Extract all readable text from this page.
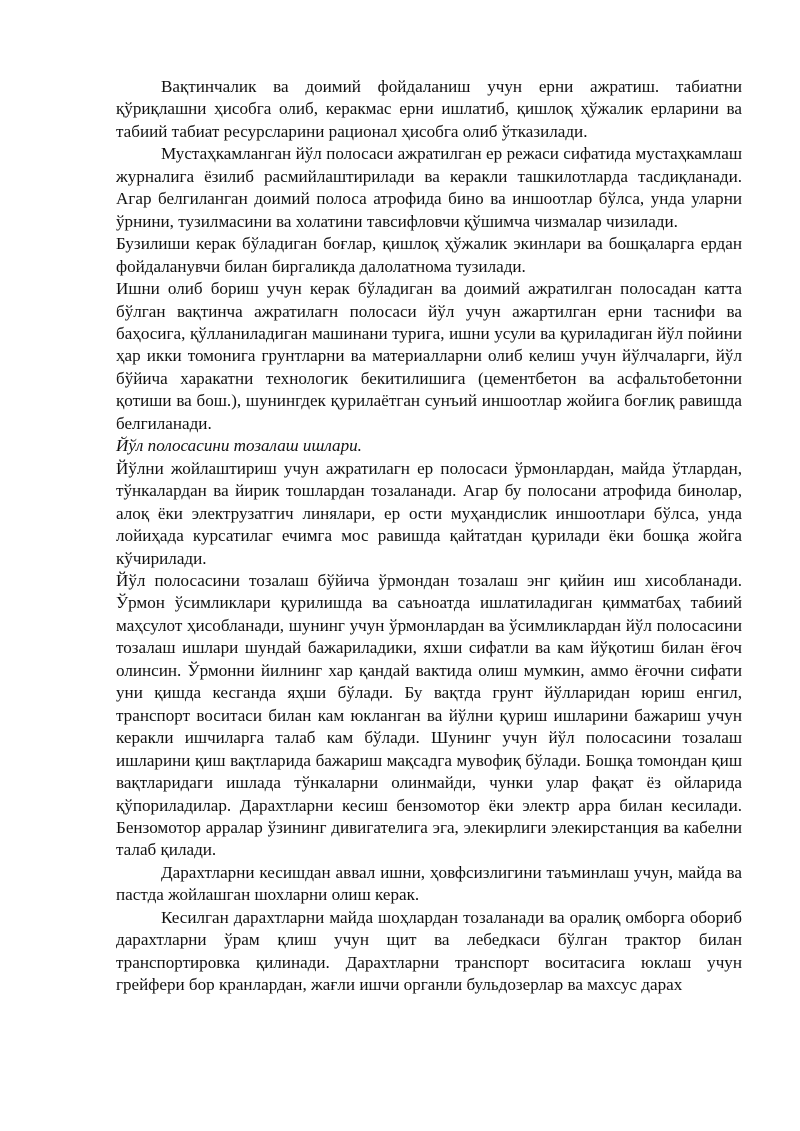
Вақтинчалик ва доимий фойдаланиш учун ерни ажратиш. табиатни қўриқлашни ҳисобга олиб, керакмас ерни ишлатиб, қишлоқ ҳўжалик ерларини ва табиий табиат ресурсларини рационал ҳисобга олиб ўтказилади.

Мустаҳкамланган йўл полосаси ажратилган ер режаси сифатида мустаҳкамлаш журналига ёзилиб расмийлаштирилади ва керакли ташкилотларда тасдиқланади. Агар белгиланган доимий полоса атрофида бино ва иншоотлар бўлса, унда уларни ўрнини, тузилмасини ва холатини тавсифловчи қўшимча чизмалар чизилади.

Бузилиши керак бўладиган боғлар, қишлоқ ҳўжалик экинлари ва бошқаларга ердан фойдаланувчи билан биргаликда далолатнома тузилади.

Ишни олиб бориш учун керак бўладиган ва доимий ажратилган полосадан катта бўлган вақтинча ажратилагн полосаси йўл учун ажартилган ерни таснифи ва баҳосига, қўлланиладиган машинани турига, ишни усули ва қуриладиган йўл пойини ҳар икки томонига грунтларни ва материалларни олиб келиш учун йўлчаларги, йўл бўйича харакатни технологик бекитилишига (цементбетон ва асфальтобетонни қотиши ва бош.), шунингдек қурилаётган сунъий иншоотлар жойига боғлиқ равишда белгиланади.

Йўл полосасини тозалаш ишлари.

Йўлни жойлаштириш учун ажратилагн ер полосаси ўрмонлардан, майда ўтлардан, тўнкалардан ва йирик тошлардан тозаланади. Агар бу полосани атрофида бинолар, алоқ ёки электрузатгич линялари, ер ости муҳандислик иншоотлари бўлса, унда лойиҳада курсатилаг ечимга мос равишда қайтатдан қурилади ёки бошқа жойга кўчирилади.

Йўл полосасини тозалаш бўйича ўрмондан тозалаш энг қийин иш хисобланади. Ўрмон ўсимликлари қурилишда ва саъноатда ишлатиладиган қимматбаҳ табиий маҳсулот ҳисобланади, шунинг учун ўрмонлардан ва ўсимликлардан йўл полосасини тозалаш ишлари шундай бажариладики, яхши сифатли ва кам йўқотиш билан ёғоч олинсин. Ўрмонни йилнинг хар қандай вактида олиш мумкин, аммо ёғочни сифати уни қишда кесганда яҳши бўлади. Бу вақтда грунт йўлларидан юриш енгил, транспорт воситаси билан кам юкланган ва йўлни қуриш ишларини бажариш учун керакли ишчиларга талаб кам бўлади. Шунинг учун йўл полосасини тозалаш ишларини қиш вақтларида бажариш мақсадга мувофиқ бўлади. Бошқа томондан қиш вақтларидаги ишлада тўнкаларни олинмайди, чунки улар фақат ёз ойларида қўпориладилар. Дарахтларни кесиш бензомотор ёки электр арра билан кесилади. Бензомотор арралар ўзининг дивигателига эга, элекирлиги элекирстанция ва кабелни талаб қилади.

Дарахтларни кесишдан аввал ишни, ҳовфсизлигини таъминлаш учун, майда ва пастда жойлашган шохларни олиш керак.

Кесилган дарахтларни майда шоҳлардан тозаланади ва оралиқ омборга обориб дарахтларни ўрам қлиш учун щит ва лебедкаси бўлган трактор билан транспортировка қилинади. Дарахтларни транспорт воситасига юклаш учун грейфери бор кранлардан, жағли ишчи органли бульдозерлар ва махсус дарах
